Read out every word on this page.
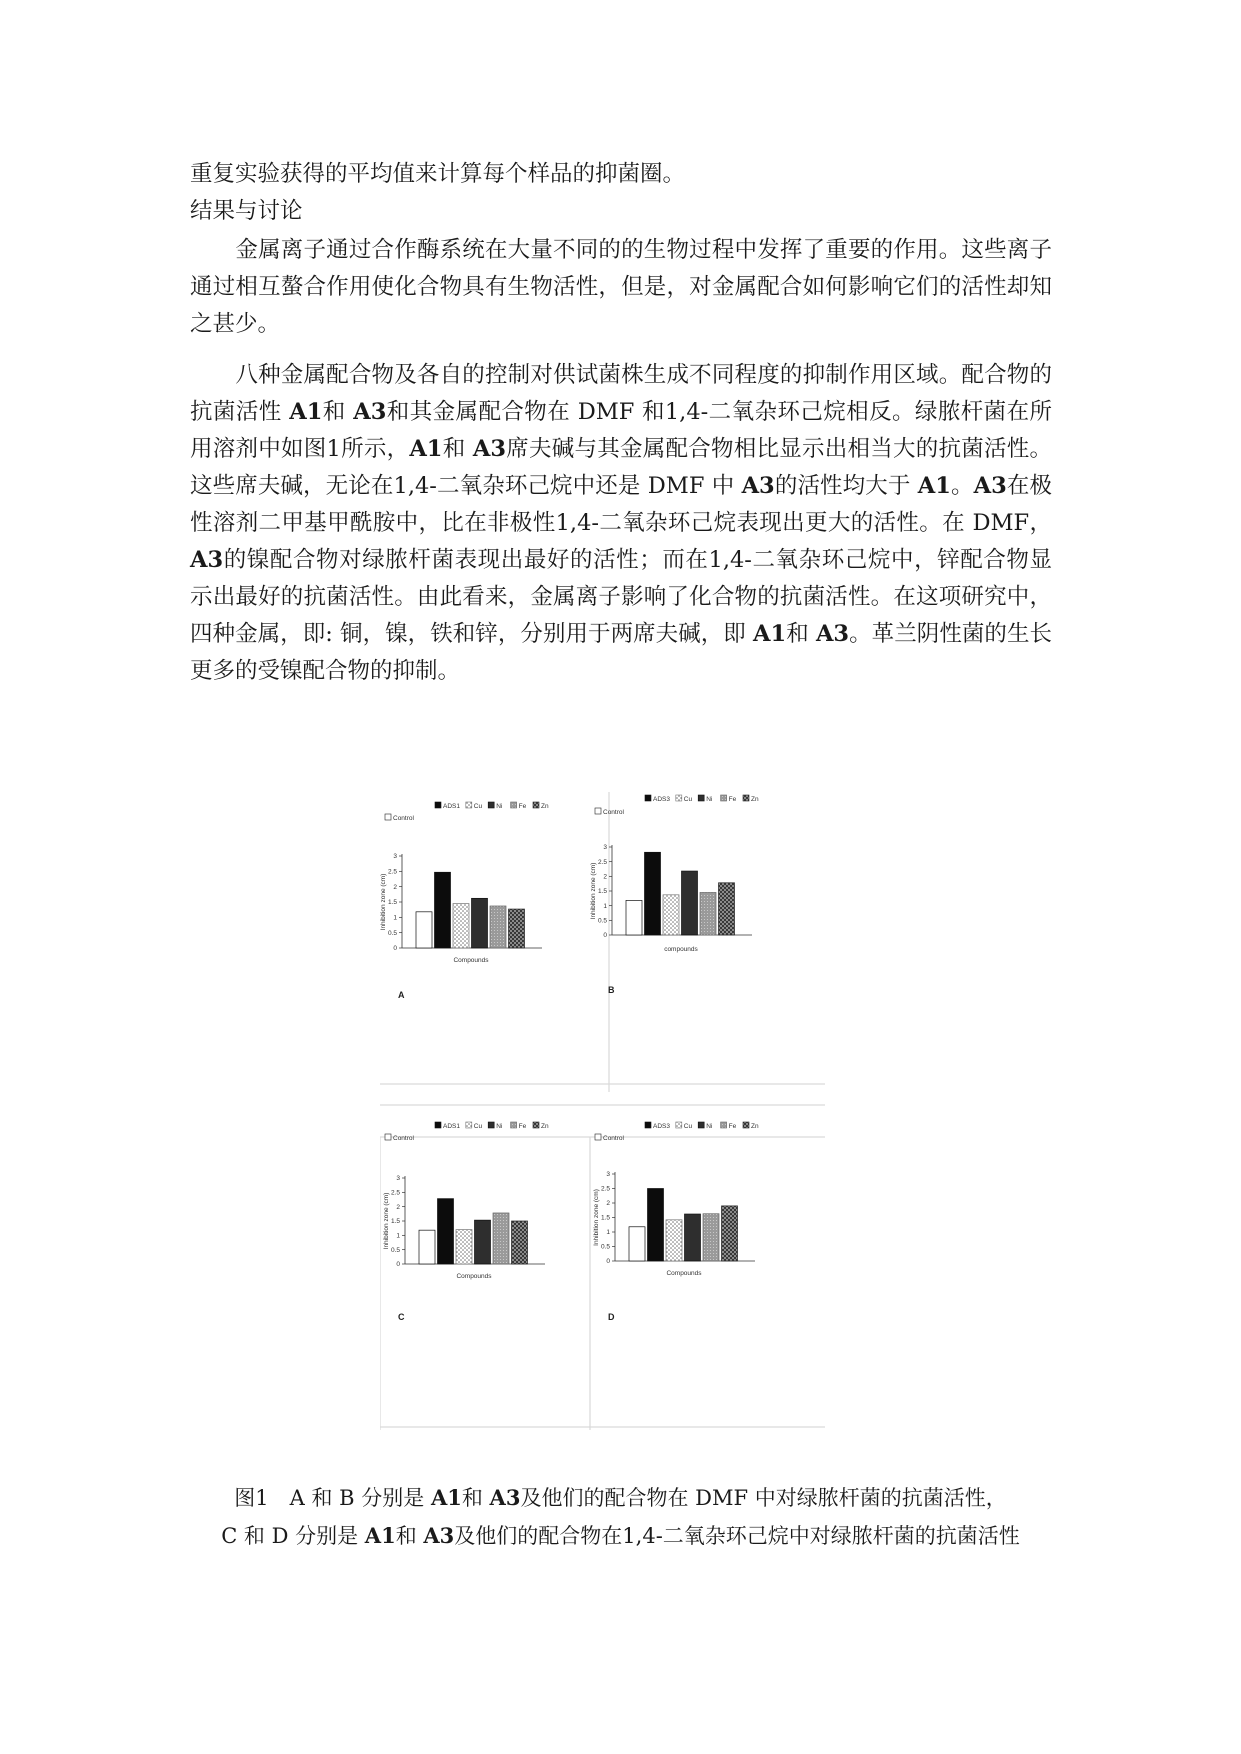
重复实验获得的平均值来计算每个样品的抑菌圈。

结果与讨论

　　金属离子通过合作酶系统在大量不同的的生物过程中发挥了重要的作用。这些离子通过相互螯合作用使化合物具有生物活性，但是，对金属配合如何影响它们的活性却知之甚少。

　　八种金属配合物及各自的控制对供试菌株生成不同程度的抑制作用区域。配合物的抗菌活性 A1和 A3和其金属配合物在 DMF 和1,4-二氧杂环己烷相反。绿脓杆菌在所用溶剂中如图1所示，A1和 A3席夫碱与其金属配合物相比显示出相当大的抗菌活性。这些席夫碱，无论在1,4-二氧杂环己烷中还是 DMF 中 A3的活性均大于 A1。A3在极性溶剂二甲基甲酰胺中，比在非极性1,4-二氧杂环己烷表现出更大的活性。在 DMF，A3的镍配合物对绿脓杆菌表现出最好的活性；而在1,4-二氧杂环己烷中，锌配合物显示出最好的抗菌活性。由此看来，金属离子影响了化合物的抗菌活性。在这项研究中，四种金属，即: 铜，镍，铁和锌，分别用于两席夫碱，即 A1和 A3。革兰阴性菌的生长更多的受镍配合物的抑制。

ADS1 Cu Ni	Fe Zn
Control
0
0.5
1
1.5
2
2.5
3
Inhibition zone (cm)
Compounds
A
ADS3 Cu Ni	Fe Zn
Control
0
0.5
1
1.5
2
2.5
3
Inhibition zone (cm)
compounds
B
ADS1 Cu Ni	Fe Zn
Control
0
0.5
1
1.5
2
2.5
3
Inhibition zone (cm)
Compounds
C
ADS3 Cu Ni	Fe Zn
Control
0
0.5
1
1.5
2
2.5
3
Inhibition zone (cm)
Compounds
D

图1　A 和 B 分别是 A1和 A3及他们的配合物在 DMF 中对绿脓杆菌的抗菌活性，

C 和 D 分别是 A1和 A3及他们的配合物在1,4-二氧杂环己烷中对绿脓杆菌的抗菌活性
